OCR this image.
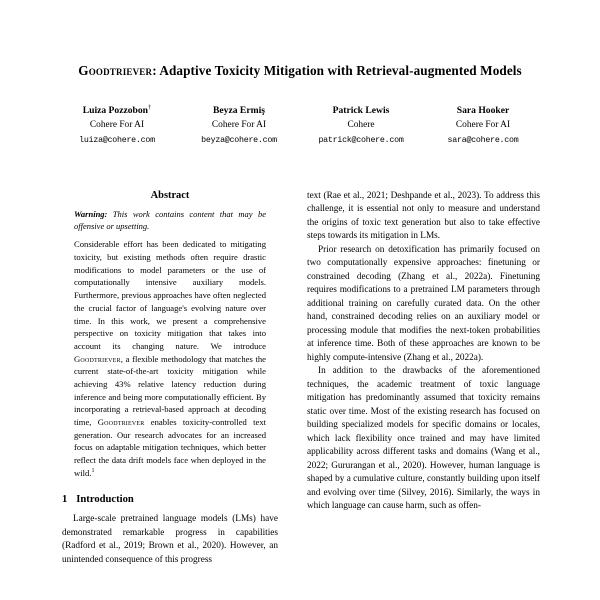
Goodtriever: Adaptive Toxicity Mitigation with Retrieval-augmented Models
Luiza Pozzobon†
Cohere For AI
luiza@cohere.com
Beyza Ermiş
Cohere For AI
beyza@cohere.com
Patrick Lewis
Cohere
patrick@cohere.com
Sara Hooker
Cohere For AI
sara@cohere.com
Abstract

Warning: This work contains content that may be offensive or upsetting.

Considerable effort has been dedicated to mitigating toxicity, but existing methods often require drastic modifications to model parameters or the use of computationally intensive auxiliary models. Furthermore, previous approaches have often neglected the crucial factor of language's evolving nature over time. In this work, we present a comprehensive perspective on toxicity mitigation that takes into account its changing nature. We introduce Goodtriever, a flexible methodology that matches the current state-of-the-art toxicity mitigation while achieving 43% relative latency reduction during inference and being more computationally efficient. By incorporating a retrieval-based approach at decoding time, Goodtriever enables toxicity-controlled text generation. Our research advocates for an increased focus on adaptable mitigation techniques, which better reflect the data drift models face when deployed in the wild.$^1$

1 Introduction

Large-scale pretrained language models (LMs) have demonstrated remarkable progress in capabilities (Radford et al., 2019; Brown et al., 2020). However, an unintended consequence of this progress

text (Rae et al., 2021; Deshpande et al., 2023). To address this challenge, it is essential not only to measure and understand the origins of toxic text generation but also to take effective steps towards its mitigation in LMs.

Prior research on detoxification has primarily focused on two computationally expensive approaches: finetuning or constrained decoding (Zhang et al., 2022a). Finetuning requires modifications to a pretrained LM parameters through additional training on carefully curated data. On the other hand, constrained decoding relies on an auxiliary model or processing module that modifies the next-token probabilities at inference time. Both of these approaches are known to be highly compute-intensive (Zhang et al., 2022a).

In addition to the drawbacks of the aforementioned techniques, the academic treatment of toxic language mitigation has predominantly assumed that toxicity remains static over time. Most of the existing research has focused on building specialized models for specific domains or locales, which lack flexibility once trained and may have limited applicability across different tasks and domains (Wang et al., 2022; Gururangan et al., 2020). However, human language is shaped by a cumulative culture, constantly building upon itself and evolving over time (Silvey, 2016). Similarly, the ways in which language can cause harm, such as offen-
